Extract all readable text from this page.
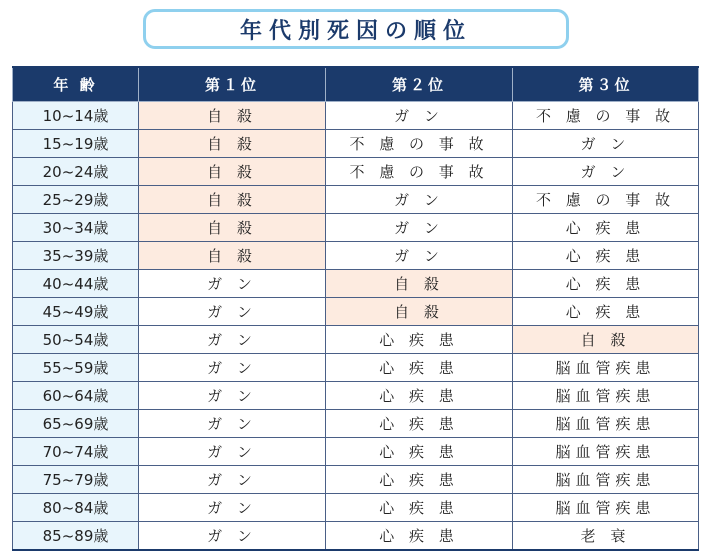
年代別死因の順位
年 齢	第１位	第２位	第３位
10~14歳	自 殺	ガ ン	不 慮 の 事 故
15~19歳	自 殺	不 慮 の 事 故	ガ ン
20~24歳	自 殺	不 慮 の 事 故	ガ ン
25~29歳	自 殺	ガ ン	不 慮 の 事 故
30~34歳	自 殺	ガ ン	心 疾 患
35~39歳	自 殺	ガ ン	心 疾 患
40~44歳	ガ ン	自 殺	心 疾 患
45~49歳	ガ ン	自 殺	心 疾 患
50~54歳	ガ ン	心 疾 患	自 殺
55~59歳	ガ ン	心 疾 患	脳血管疾患
60~64歳	ガ ン	心 疾 患	脳血管疾患
65~69歳	ガ ン	心 疾 患	脳血管疾患
70~74歳	ガ ン	心 疾 患	脳血管疾患
75~79歳	ガ ン	心 疾 患	脳血管疾患
80~84歳	ガ ン	心 疾 患	脳血管疾患
85~89歳	ガ ン	心 疾 患	老 衰
